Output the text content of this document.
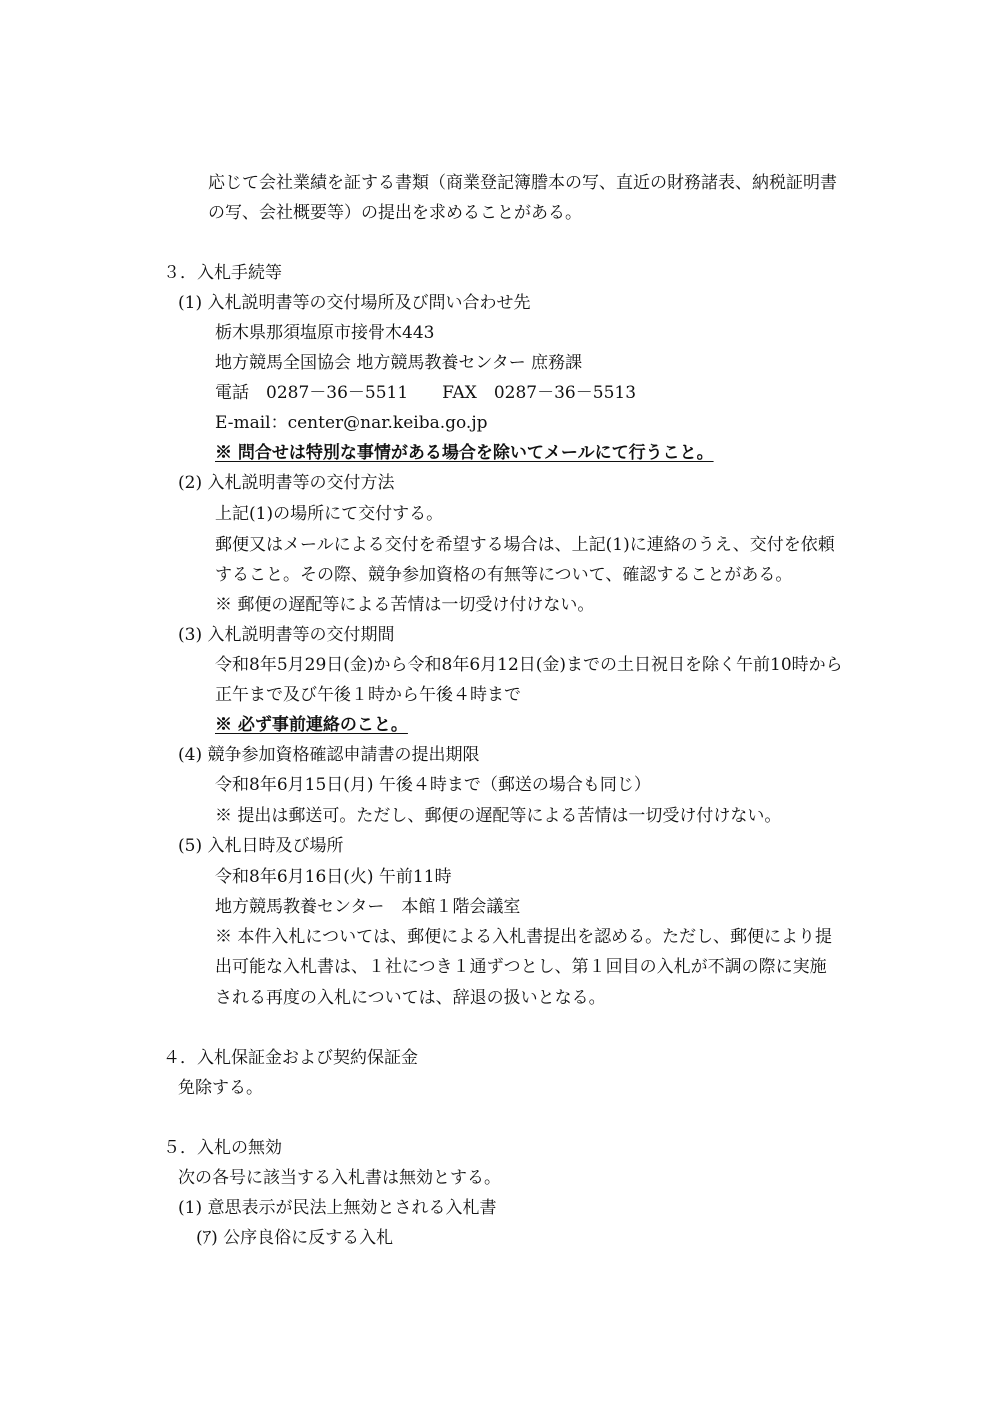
応じて会社業績を証する書類（商業登記簿謄本の写、直近の財務諸表、納税証明書
の写、会社概要等）の提出を求めることがある。
３．入札手続等
(1) 入札説明書等の交付場所及び問い合わせ先
栃木県那須塩原市接骨木443
地方競馬全国協会 地方競馬教養センター 庶務課
電話　0287－36－5511　　FAX　0287－36－5513
E-mail：center@nar.keiba.go.jp
※ 問合せは特別な事情がある場合を除いてメールにて行うこと。
(2) 入札説明書等の交付方法
上記(1)の場所にて交付する。
郵便又はメールによる交付を希望する場合は、上記(1)に連絡のうえ、交付を依頼
すること。その際、競争参加資格の有無等について、確認することがある。
※ 郵便の遅配等による苦情は一切受け付けない。
(3) 入札説明書等の交付期間
令和8年5月29日(金)から令和8年6月12日(金)までの土日祝日を除く午前10時から
正午まで及び午後１時から午後４時まで
※ 必ず事前連絡のこと。
(4) 競争参加資格確認申請書の提出期限
令和8年6月15日(月) 午後４時まで（郵送の場合も同じ）
※ 提出は郵送可。ただし、郵便の遅配等による苦情は一切受け付けない。
(5) 入札日時及び場所
令和8年6月16日(火) 午前11時
地方競馬教養センター　本館１階会議室
※ 本件入札については、郵便による入札書提出を認める。ただし、郵便により提
出可能な入札書は、１社につき１通ずつとし、第１回目の入札が不調の際に実施
される再度の入札については、辞退の扱いとなる。
４．入札保証金および契約保証金
免除する。
５．入札の無効
次の各号に該当する入札書は無効とする。
(1) 意思表示が民法上無効とされる入札書
(ｱ) 公序良俗に反する入札
